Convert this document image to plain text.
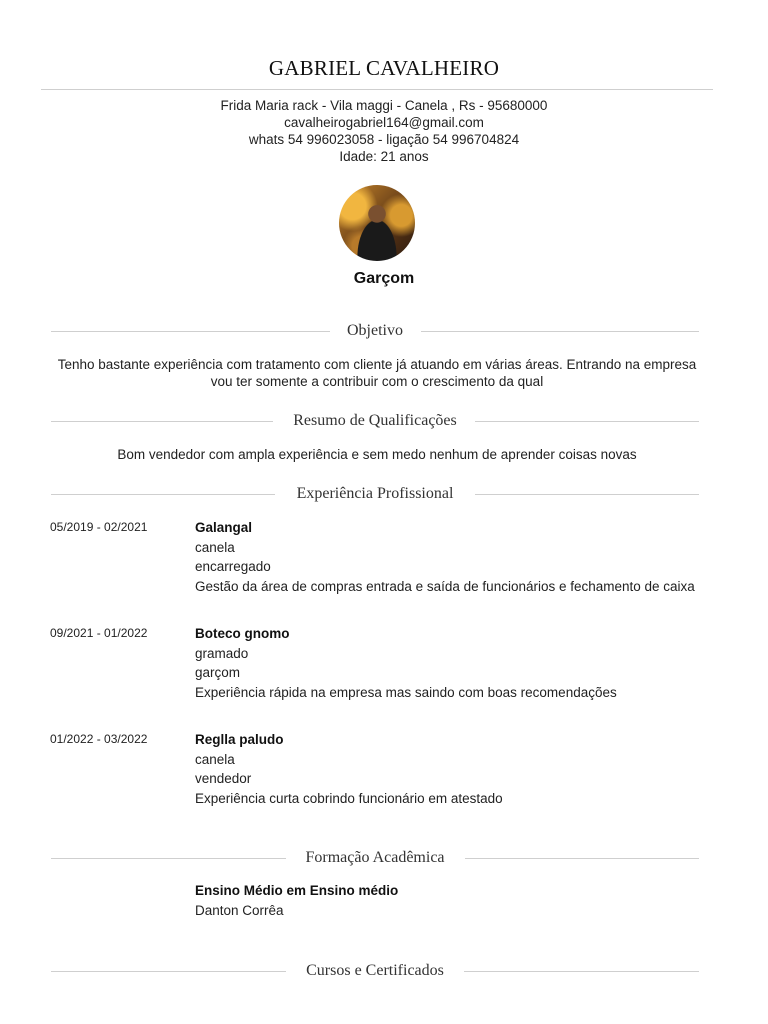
GABRIEL CAVALHEIRO
Frida Maria rack - Vila maggi - Canela , Rs - 95680000
cavalheirogabriel164@gmail.com
whats 54 996023058 - ligação 54 996704824
Idade: 21 anos
Garçom
Objetivo
Tenho bastante experiência com tratamento com cliente já atuando em várias áreas. Entrando na empresa
vou ter somente a contribuir com o crescimento da qual
Resumo de Qualificações
Bom vendedor com ampla experiência e sem medo nenhum de aprender coisas novas
Experiência Profissional
05/2019 - 02/2021	Galangal
canela
encarregado
Gestão da área de compras entrada e saída de funcionários e fechamento de caixa
09/2021 - 01/2022	Boteco gnomo
gramado
garçom
Experiência rápida na empresa mas saindo com boas recomendações
01/2022 - 03/2022	Reglla paludo
canela
vendedor
Experiência curta cobrindo funcionário em atestado
Formação Acadêmica
Ensino Médio em Ensino médio
Danton Corrêa
Cursos e Certificados
